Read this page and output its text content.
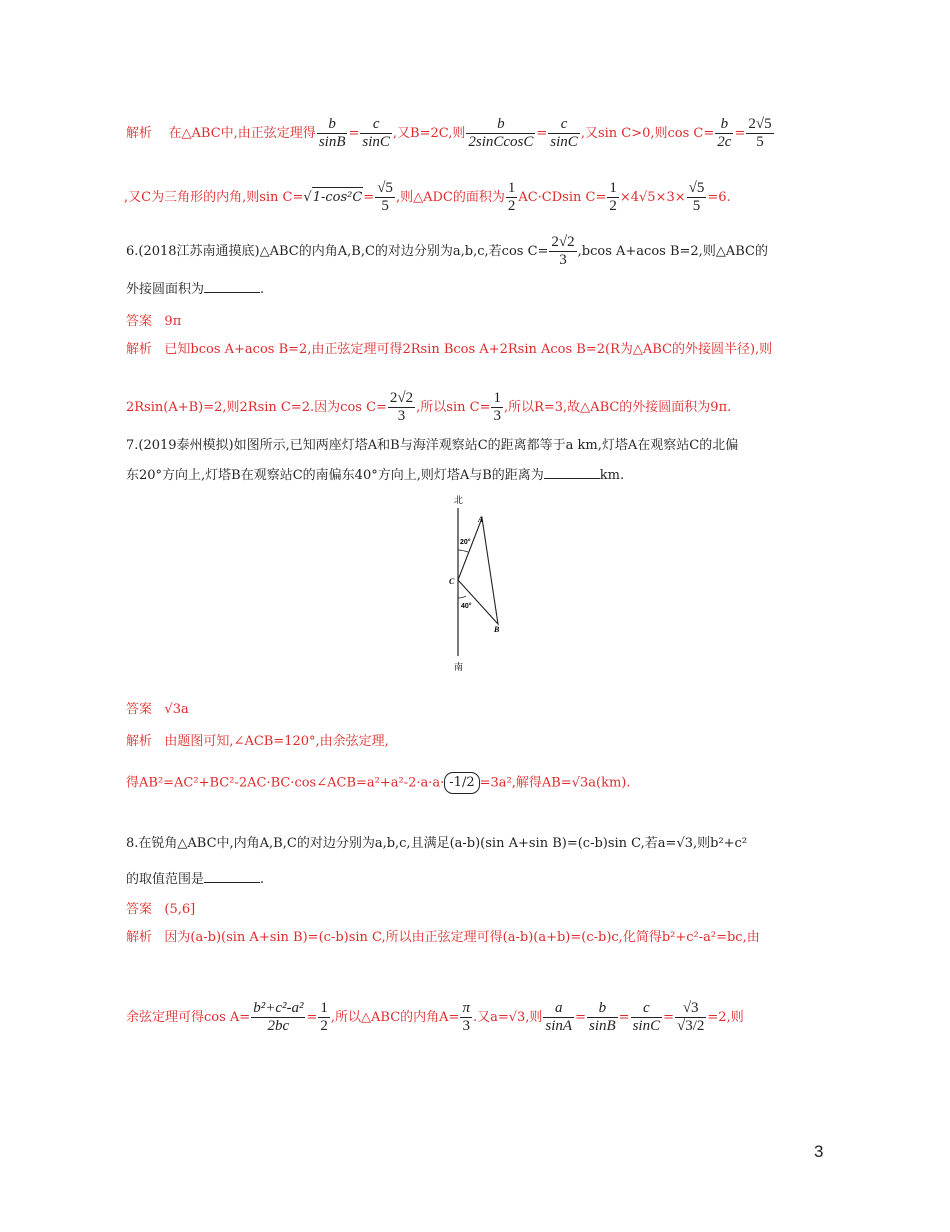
解析 在△ABC中,由正弦定理得 $\frac{b}{\sin B} = \frac{c}{\sin C}$ ,又B=2C,则 $\frac{b}{\text{2sinCcosC}} = \frac{c}{\sin C}$ ,又sin C>0,则$\cos C= \frac{b}{2c} = \frac{2√5}{5}$
,又C为三角形的内角,则$\sin C=√1-\cos^2C= \frac{√5}{5}$ ,则△ADC的面积为 $\frac{1}{2} AC\cdot CDsin$ $C= \frac{1}{2} \times 4√5\times 3\times \frac{√5}{5} =6$.
6.(2018江苏南通摸底)△ABC的内角A,B,C的对边分别为a,b,c,若$\cos C= \frac{2√2}{3} ,bcos$ A+acos B=2,则△ABC的
外接圆面积为	.
答案 9π
解析 已知bcos A+acos B=2,由正弦定理可得2Rsin Bcos A+2Rsin Acos B=2(R为△ABC的外接圆半径),则
2Rsin(A+B)=2,则2Rsin C=2.因为$\cos C= \frac{2√2}{3}$ ,所以$\sin C= \frac{1}{3}$ ,所以R=3,故△ABC的外接圆面积为9π.
7.(2019泰州模拟)如图所示,已知两座灯塔A和B与海洋观察站C的距离都等于a km,灯塔A在观察站C的北偏
东20°方向上,灯塔B在观察站C的南偏东40°方向上,则灯塔A与B的距离为	km.
北
南
A
B
C
20°
40°
答案 √3a
解析 由题图可知,∠ACB=120°,由余弦定理,
得AB²=AC²+BC²-2AC·BC·cos∠ACB=a²+a²-2·a·a· -1/2 =3a²,解得AB=√3a(km).
8.在锐角△ABC中,内角A,B,C的对边分别为a,b,c,且满足(a-b)(sin A+sin B)=(c-b)sin C,若a=√3,则b²+c²
的取值范围是	.
答案 (5,6]
解析 因为(a-b)(sin A+sin B)=(c-b)sin C,所以由正弦定理可得(a-b)(a+b)=(c-b)c,化简得b²+c²-a²=bc,由
余弦定理可得$\cos A= \frac{\text{b²+c²-a²}}{2bc} = \frac{1}{2}$ ,所以△ABC的内角$A= \frac{\pi}{3}$ .又a=√3,则 $\frac{a}{\sin A} = \frac{b}{\sin B} = \frac{c}{\sin C} = \frac{√3}{√3/2} =2$,则
3
